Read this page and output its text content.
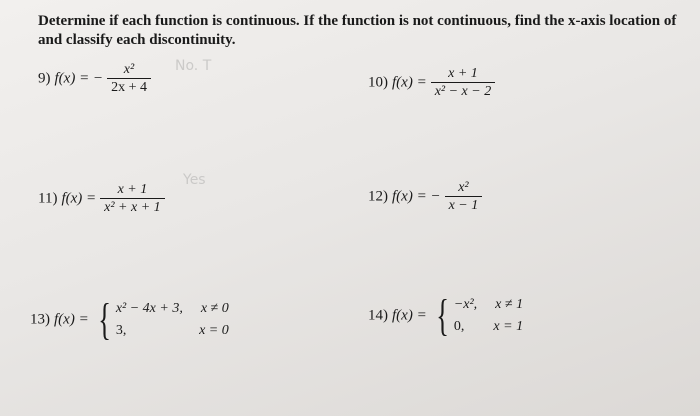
Determine if each function is continuous. If the function is not continuous, find the x-axis location of and classify each discontinuity.
9) f(x) = − $\frac{\text{x²}}{2x + 4} No$. T
10) $f(x) = \frac{x + 1}{\text{x² − x − 2}}$
11) $f(x) = \frac{x + 1}{\text{x² + x + 1}}$
Yes
12) f(x) = − $\frac{\text{x²}}{x - 1}$
13) f(x) = { x² − 4x + 3, x ≠ 0
3,	x = 0
14) f(x) = { −x², x ≠ 1
0, x = 1
